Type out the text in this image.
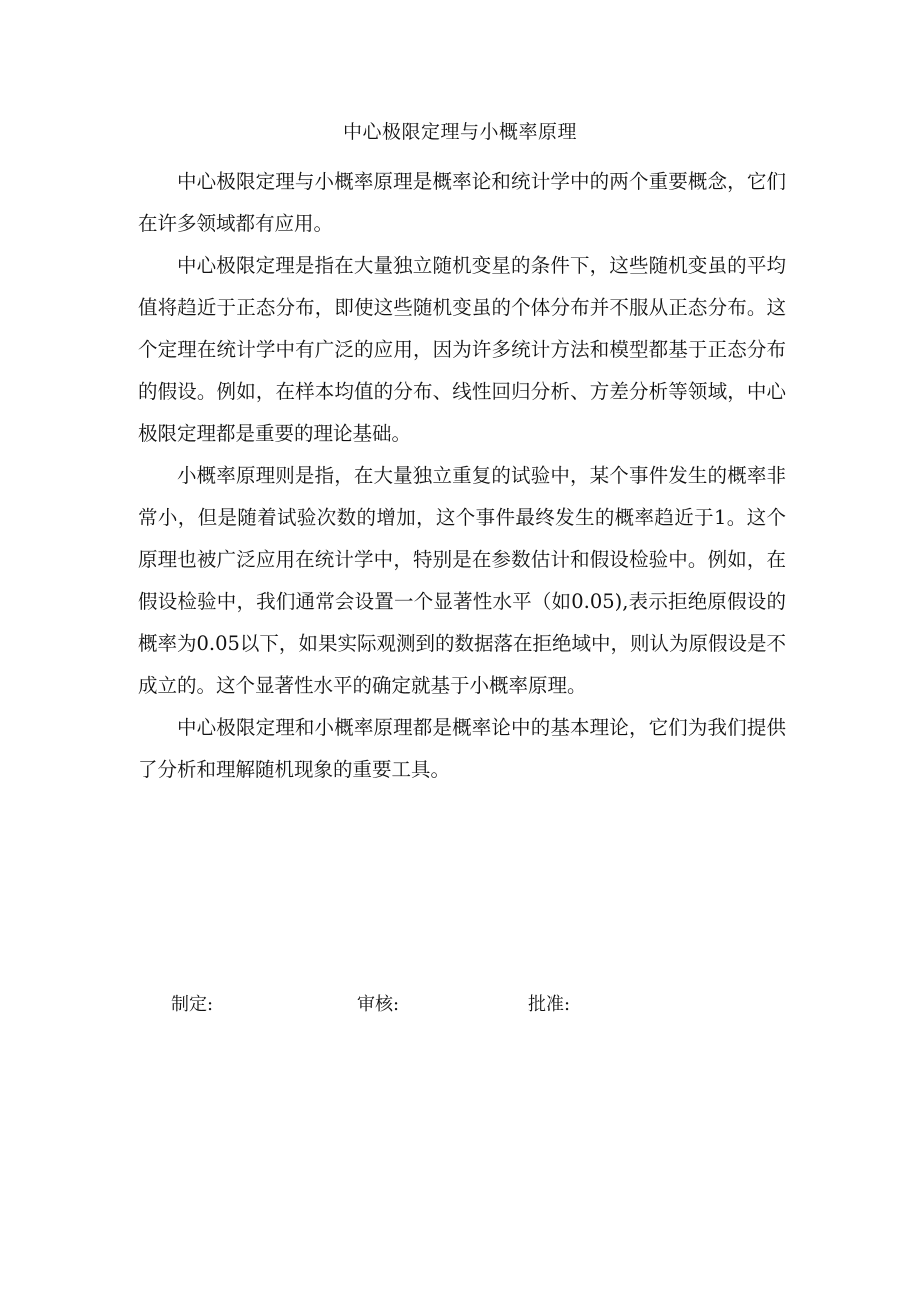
中心极限定理与小概率原理

中心极限定理与小概率原理是概率论和统计学中的两个重要概念，它们在许多领域都有应用。

中心极限定理是指在大量独立随机变星的条件下，这些随机变虽的平均值将趋近于正态分布，即使这些随机变虽的个体分布并不服从正态分布。这个定理在统计学中有广泛的应用，因为许多统计方法和模型都基于正态分布的假设。例如，在样本均值的分布、线性回归分析、方差分析等领域，中心极限定理都是重要的理论基础。

小概率原理则是指，在大量独立重复的试验中，某个事件发生的概率非常小，但是随着试验次数的增加，这个事件最终发生的概率趋近于1。这个原理也被广泛应用在统计学中，特别是在参数估计和假设检验中。例如，在假设检验中，我们通常会设置一个显著性水平（如0.05),表示拒绝原假设的概率为0.05以下，如果实际观测到的数据落在拒绝域中，则认为原假设是不成立的。这个显著性水平的确定就基于小概率原理。

中心极限定理和小概率原理都是概率论中的基本理论，它们为我们提供了分析和理解随机现象的重要工具。

制定:	审核:	批准:
